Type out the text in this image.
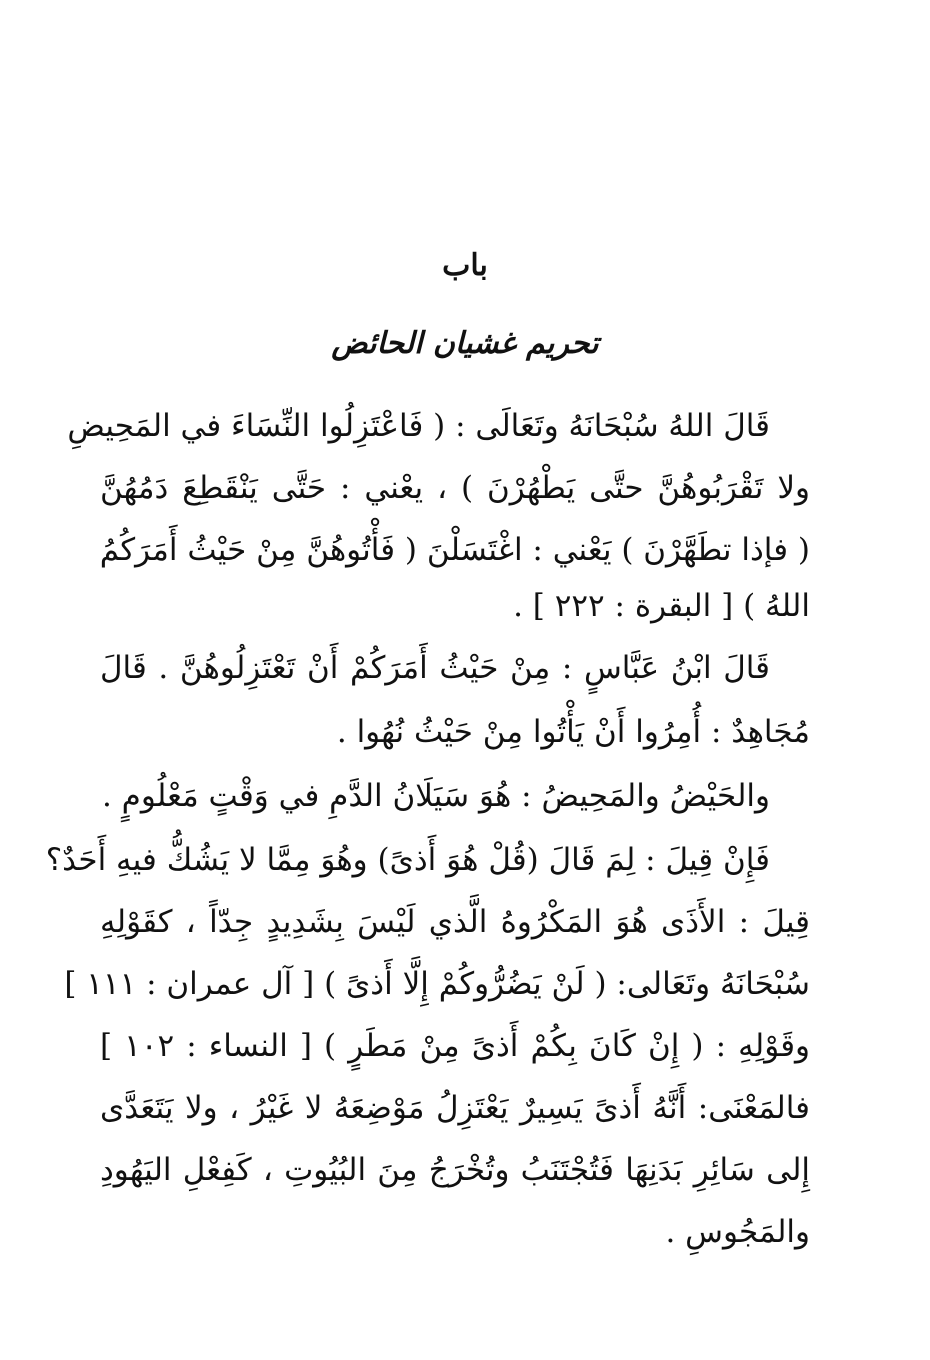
باب
تحريم غشيان الحائض
قَالَ اللهُ سُبْحَانَهُ وتَعَالَى : ( فَاعْتَزِلُوا النِّسَاءَ في المَحِيضِ
ولا تَقْرَبُوهُنَّ حتَّى يَطْهُرْنَ ) ، يعْني : حَتَّى يَنْقَطِعَ دَمُهُنَّ
( فإذا تطَهَّرْنَ ) يَعْني : اغْتَسَلْنَ ( فَأْتُوهُنَّ مِنْ حَيْثُ أَمَرَكُمُ
اللهُ ) [ البقرة : ٢٢٢ ] .
قَالَ ابْنُ عَبَّاسٍ : مِنْ حَيْثُ أَمَرَكُمْ أَنْ تَعْتَزِلُوهُنَّ . قَالَ
مُجَاهِدٌ : أُمِرُوا أَنْ يَأْتُوا مِنْ حَيْثُ نُهُوا .
والحَيْضُ والمَحِيضُ : هُوَ سَيَلَانُ الدَّمِ في وَقْتٍ مَعْلُومٍ .
فَإِنْ قِيلَ : لِمَ قَالَ (قُلْ هُوَ أَذىً) وهُوَ مِمَّا لا يَشُكُّ فيهِ أَحَدٌ؟
قِيلَ : الأَذَى هُوَ المَكْرُوهُ الَّذي لَيْسَ بِشَدِيدٍ جِدّاً ، كقَوْلِهِ
سُبْحَانَهُ وتَعَالى: ( لَنْ يَضُرُّوكُمْ إِلَّا أَذىً ) [ آل عمران : ١١١ ]
وقَوْلِهِ : ( إِنْ كَانَ بِكُمْ أَذىً مِنْ مَطَرٍ ) [ النساء : ١٠٢ ]
فالمَعْنَى: أَنَّهُ أَذىً يَسِيرٌ يَعْتَزِلُ مَوْضِعَهُ لا غَيْرُ ، ولا يَتَعَدَّى
إِلى سَائِرِ بَدَنِهَا فَتُجْتَنَبُ وتُخْرَجُ مِنَ البُيُوتِ ، كَفِعْلِ اليَهُودِ
والمَجُوسِ .
